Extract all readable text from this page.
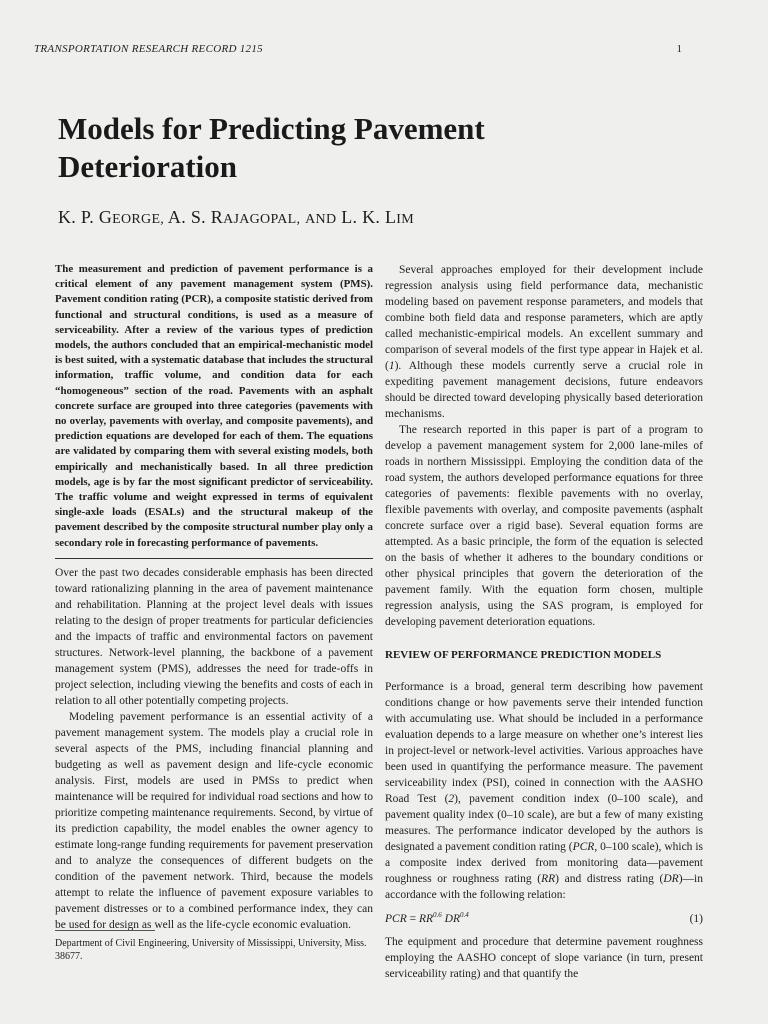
TRANSPORTATION RESEARCH RECORD 1215	1
Models for Predicting Pavement Deterioration

K. P. GEORGE, A. S. RAJAGOPAL, AND L. K. LIM

The measurement and prediction of pavement performance is a critical element of any pavement management system (PMS). Pavement condition rating (PCR), a composite statistic derived from functional and structural conditions, is used as a measure of serviceability. After a review of the various types of prediction models, the authors concluded that an empirical-mechanistic model is best suited, with a systematic database that includes the structural information, traffic volume, and condition data for each “homogeneous” section of the road. Pavements with an asphalt concrete surface are grouped into three categories (pavements with no overlay, pavements with overlay, and composite pavements), and prediction equations are developed for each of them. The equations are validated by comparing them with several existing models, both empirically and mechanistically based. In all three prediction models, age is by far the most significant predictor of serviceability. The traffic volume and weight expressed in terms of equivalent single-axle loads (ESALs) and the structural makeup of the pavement described by the composite structural number play only a secondary role in forecasting performance of pavements.

Over the past two decades considerable emphasis has been directed toward rationalizing planning in the area of pavement maintenance and rehabilitation. Planning at the project level deals with issues relating to the design of proper treatments for particular deficiencies and the impacts of traffic and environmental factors on pavement structures. Network-level planning, the backbone of a pavement management system (PMS), addresses the need for trade-offs in project selection, including viewing the benefits and costs of each in relation to all other potentially competing projects.

Modeling pavement performance is an essential activity of a pavement management system. The models play a crucial role in several aspects of the PMS, including financial planning and budgeting as well as pavement design and life-cycle economic analysis. First, models are used in PMSs to predict when maintenance will be required for individual road sections and how to prioritize competing maintenance requirements. Second, by virtue of its prediction capability, the model enables the owner agency to estimate long-range funding requirements for pavement preservation and to analyze the consequences of different budgets on the condition of the pavement network. Third, because the models attempt to relate the influence of pavement exposure variables to pavement distresses or to a combined performance index, they can be used for design as well as the life-cycle economic evaluation.

Several approaches employed for their development include regression analysis using field performance data, mechanistic modeling based on pavement response parameters, and models that combine both field data and response parameters, which are aptly called mechanistic-empirical models. An excellent summary and comparison of several models of the first type appear in Hajek et al. (1). Although these models currently serve a crucial role in expediting pavement management decisions, future endeavors should be directed toward developing physically based deterioration mechanisms.

The research reported in this paper is part of a program to develop a pavement management system for 2,000 lane-miles of roads in northern Mississippi. Employing the condition data of the road system, the authors developed performance equations for three categories of pavements: flexible pavements with no overlay, flexible pavements with overlay, and composite pavements (asphalt concrete surface over a rigid base). Several equation forms are attempted. As a basic principle, the form of the equation is selected on the basis of whether it adheres to the boundary conditions or other physical principles that govern the deterioration of the pavement family. With the equation form chosen, multiple regression analysis, using the SAS program, is employed for developing pavement deterioration equations.

REVIEW OF PERFORMANCE PREDICTION MODELS

Performance is a broad, general term describing how pavement conditions change or how pavements serve their intended function with accumulating use. What should be included in a performance evaluation depends to a large measure on whether one’s interest lies in project-level or network-level activities. Various approaches have been used in quantifying the performance measure. The pavement serviceability index (PSI), coined in connection with the AASHO Road Test (2), pavement condition index (0–100 scale), and pavement quality index (0–10 scale), are but a few of many existing measures. The performance indicator developed by the authors is designated a pavement condition rating (PCR, 0–100 scale), which is a composite index derived from monitoring data—pavement roughness or roughness rating (RR) and distress rating (DR)—in accordance with the following relation:

PCR = $RR^{0.6}$ $DR^{0.4}$	(1)

The equipment and procedure that determine pavement roughness employing the AASHO concept of slope variance (in turn, present serviceability rating) and that quantify the

Department of Civil Engineering, University of Mississippi, University, Miss. 38677.
